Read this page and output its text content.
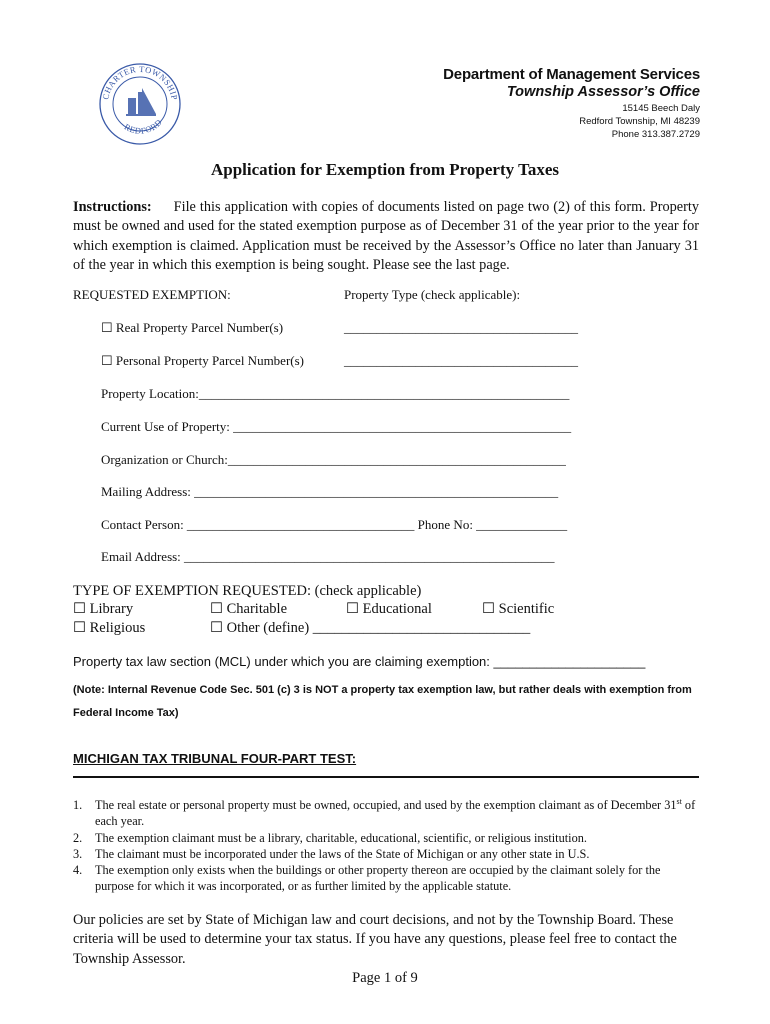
CHARTER TOWNSHIP
REDFORD
Department of Management Services
Township Assessor’s Office
15145 Beech Daly
Redford Township, MI 48239
Phone 313.387.2729
Application for Exemption from Property Taxes
Instructions: File this application with copies of documents listed on page two (2) of this form. Property must be owned and used for the stated exemption purpose as of December 31 of the year prior to the year for which exemption is claimed. Application must be received by the Assessor’s Office no later than January 31 of the year in which this exemption is being sought. Please see the last page.
REQUESTED EXEMPTION:	Property Type (check applicable):
☐ Real Property Parcel Number(s)	____________________________________
☐ Personal Property Parcel Number(s)	____________________________________
Property Location:_________________________________________________________
Current Use of Property: ____________________________________________________
Organization or Church:____________________________________________________
Mailing Address: ________________________________________________________
Contact Person: ___________________________________ Phone No: ______________
Email Address: _________________________________________________________
TYPE OF EXEMPTION REQUESTED: (check applicable)
☐ Library	☐ Charitable	☐ Educational	☐ Scientific
☐ Religious	☐ Other (define) ______________________________
Property tax law section (MCL) under which you are claiming exemption: _____________________
(Note: Internal Revenue Code Sec. 501 (c) 3 is NOT a property tax exemption law, but rather deals with exemption from Federal Income Tax)
MICHIGAN TAX TRIBUNAL FOUR-PART TEST:
1. The real estate or personal property must be owned, occupied, and used by the exemption claimant as of December 31st of each year.
2. The exemption claimant must be a library, charitable, educational, scientific, or religious institution.
3. The claimant must be incorporated under the laws of the State of Michigan or any other state in U.S.
4. The exemption only exists when the buildings or other property thereon are occupied by the claimant solely for the purpose for which it was incorporated, or as further limited by the applicable statute.
Our policies are set by State of Michigan law and court decisions, and not by the Township Board. These criteria will be used to determine your tax status. If you have any questions, please feel free to contact the Township Assessor.
Page 1 of 9
